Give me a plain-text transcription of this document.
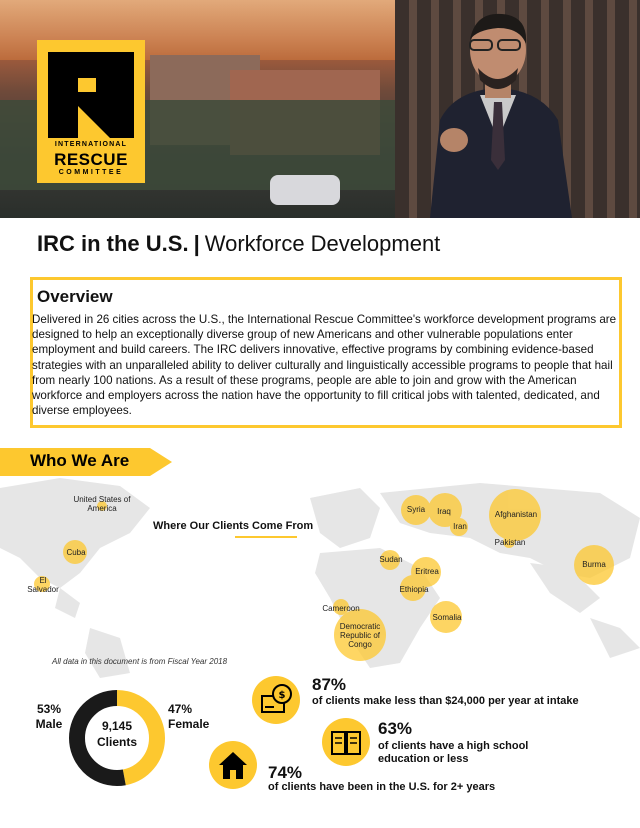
INTERNATIONAL
RESCUE
COMMITTEE
IRC in the U.S. | Workforce Development
Overview
Delivered in 26 cities across the U.S., the International Rescue Committee's workforce development programs are designed to help an exceptionally diverse group of new Americans and other vulnerable populations enter employment and build careers. The IRC delivers innovative, effective programs by combining evidence-based strategies with an unparalleled ability to deliver culturally and linguistically accessible programs to people that hail from nearly 100 nations. As a result of these programs, people are able to join and grow with the American workforce and employers across the nation have the opportunity to fill critical jobs with talented, dedicated, and diverse employees.
Who We Are
Where Our Clients Come From
United States of America
Cuba
El Salvador
Syria	Iraq
Iran
Afghanistan
Pakistan
Sudan
Eritrea
Ethiopia
Burma
Cameroon
Democratic Republic of Congo
Somalia
All data in this document is from Fiscal Year 2018
9,145
Clients
53%
Male
47%
Female
$
87%
of clients make less than $24,000 per year at intake
63%
of clients have a high school education or less
74%
of clients have been in the U.S. for 2+ years
